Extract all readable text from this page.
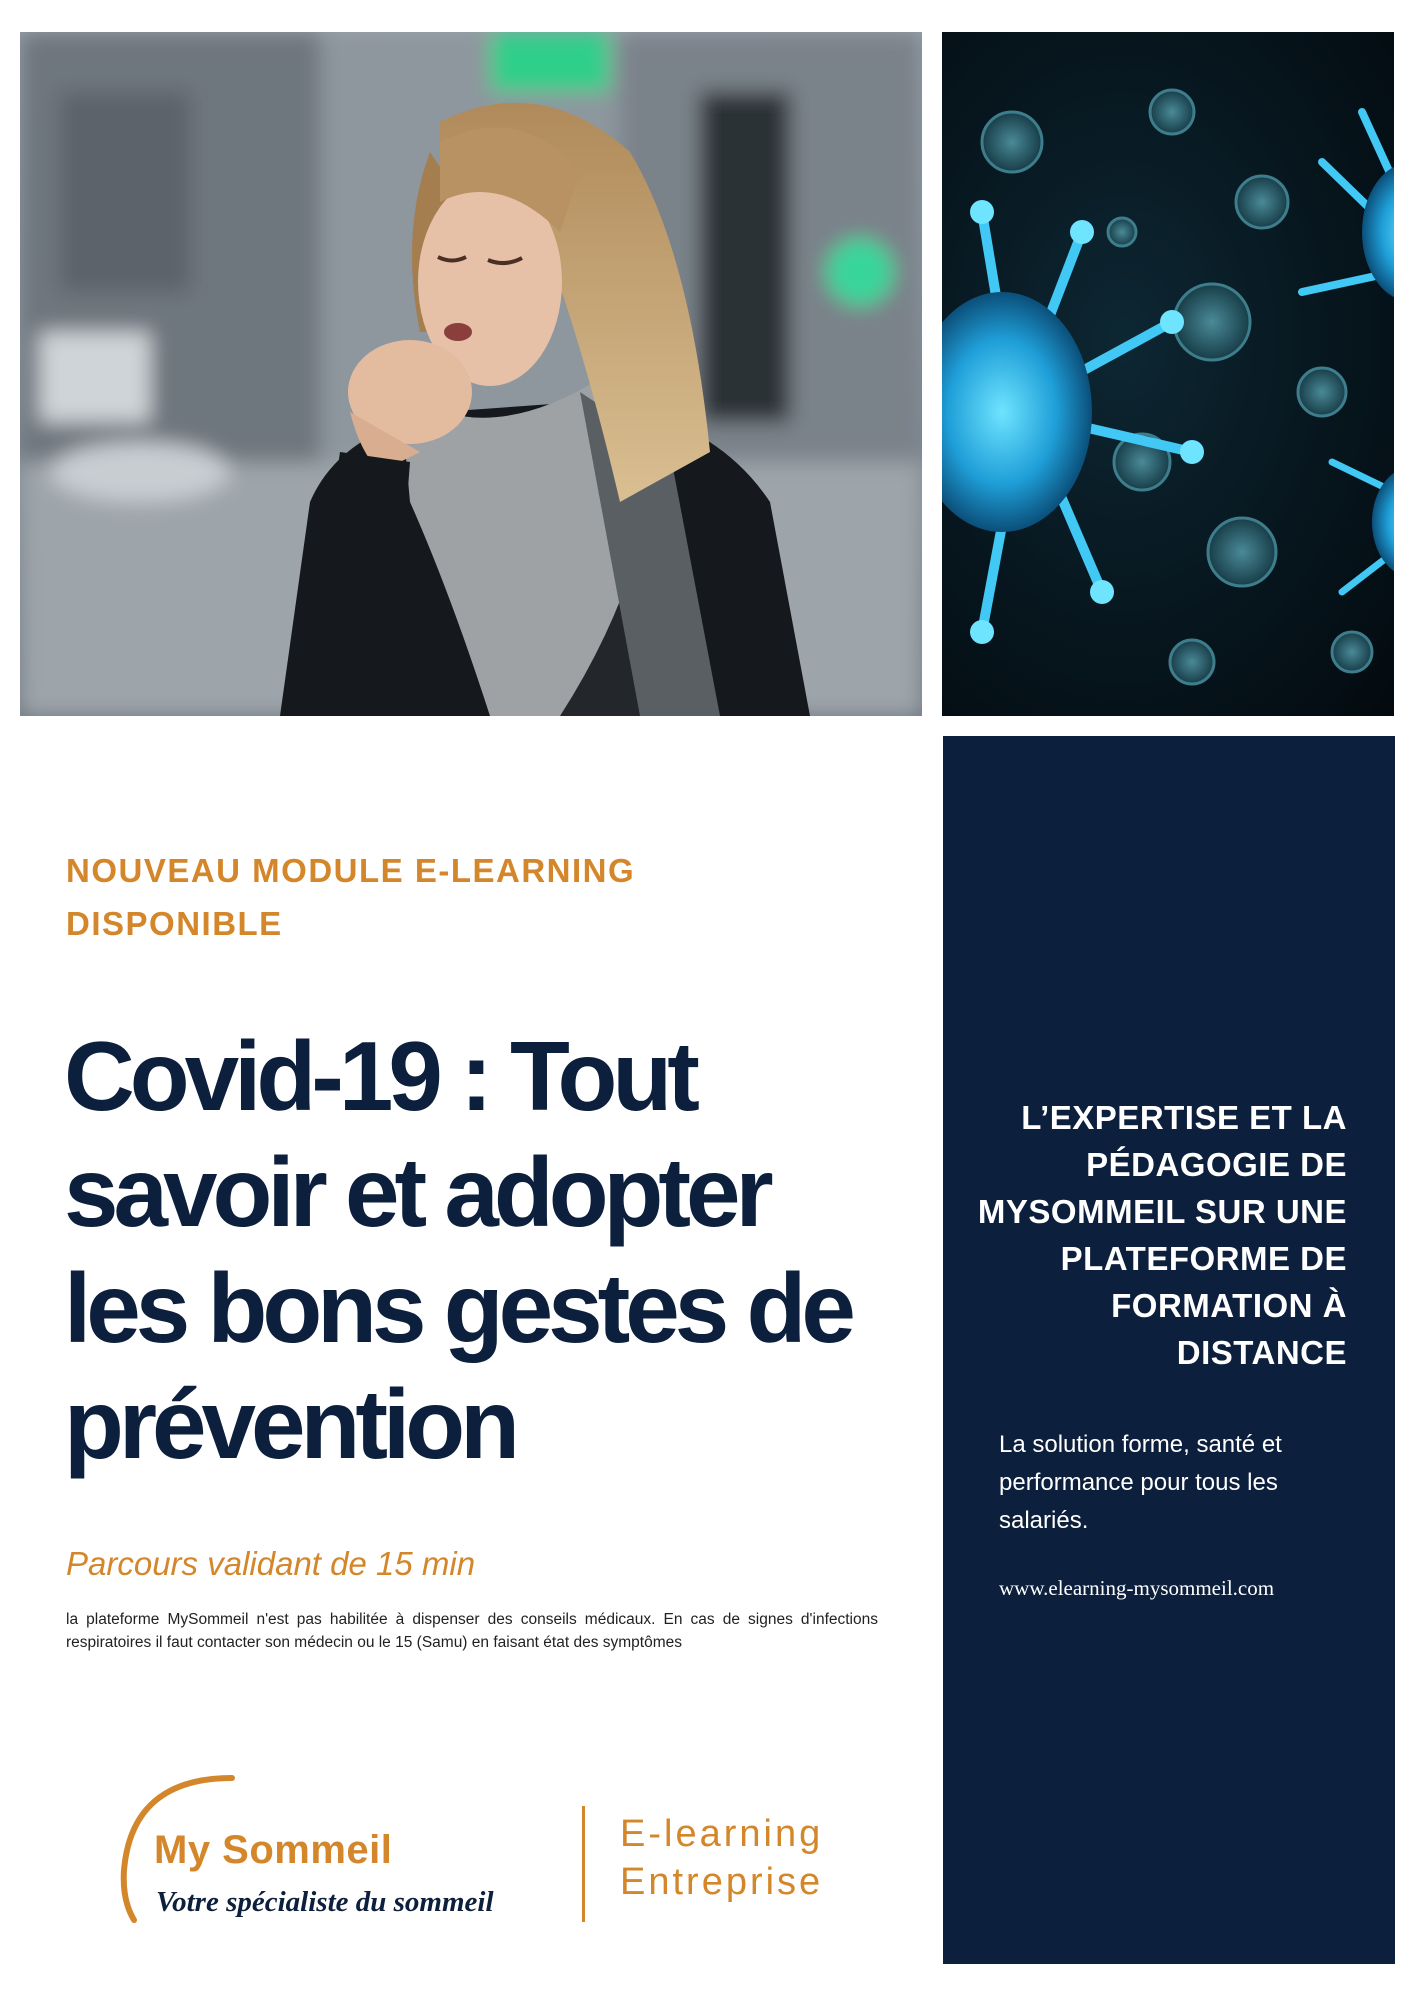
L’EXPERTISE ET LA PÉDAGOGIE DE MYSOMMEIL SUR UNE PLATEFORME DE FORMATION À DISTANCE
La solution forme, santé et performance pour tous les salariés.
www.elearning-mysommeil.com
NOUVEAU MODULE E-LEARNING DISPONIBLE
Covid-19 : Tout savoir et adopter les bons gestes de prévention
Parcours validant de 15 min
la plateforme MySommeil n'est pas habilitée à dispenser des conseils médicaux. En cas de signes d'infections respiratoires il faut contacter son médecin ou le 15 (Samu) en faisant état des symptômes
My Sommeil
Votre spécialiste du sommeil
E-learning
Entreprise
